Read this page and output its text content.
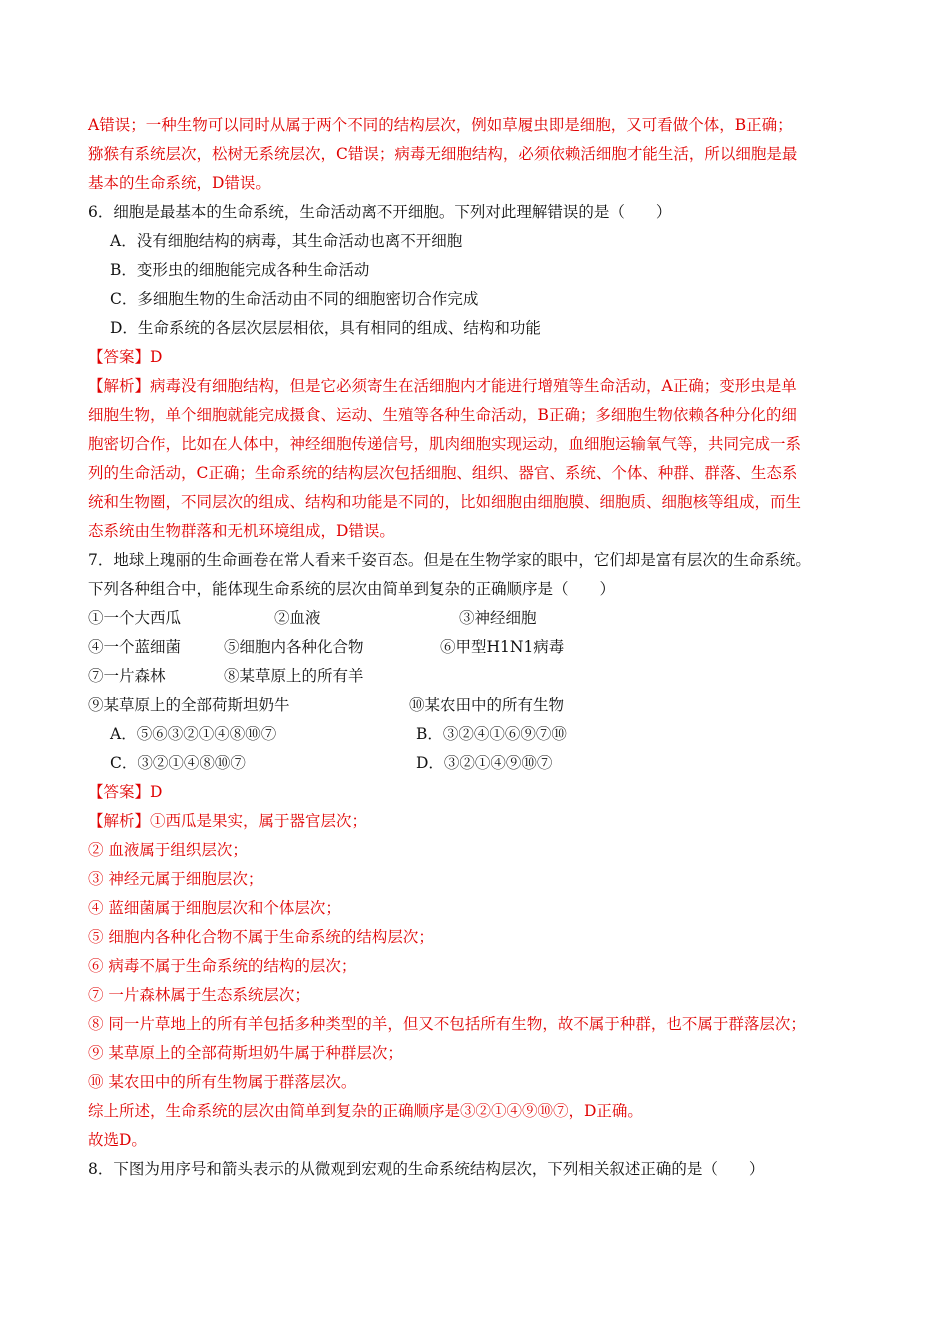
A错误；一种生物可以同时从属于两个不同的结构层次，例如草履虫即是细胞，又可看做个体，B正确；
猕猴有系统层次，松树无系统层次，C错误；病毒无细胞结构，必须依赖活细胞才能生活，所以细胞是最
基本的生命系统，D错误。
6．细胞是最基本的生命系统，生命活动离不开细胞。下列对此理解错误的是（　　）
A．没有细胞结构的病毒，其生命活动也离不开细胞
B．变形虫的细胞能完成各种生命活动
C．多细胞生物的生命活动由不同的细胞密切合作完成
D．生命系统的各层次层层相依，具有相同的组成、结构和功能
【答案】D
【解析】病毒没有细胞结构，但是它必须寄生在活细胞内才能进行增殖等生命活动，A正确；变形虫是单
细胞生物，单个细胞就能完成摄食、运动、生殖等各种生命活动，B正确；多细胞生物依赖各种分化的细
胞密切合作，比如在人体中，神经细胞传递信号，肌肉细胞实现运动，血细胞运输氧气等，共同完成一系
列的生命活动，C正确；生命系统的结构层次包括细胞、组织、器官、系统、个体、种群、群落、生态系
统和生物圈，不同层次的组成、结构和功能是不同的，比如细胞由细胞膜、细胞质、细胞核等组成，而生
态系统由生物群落和无机环境组成，D错误。
7．地球上瑰丽的生命画卷在常人看来千姿百态。但是在生物学家的眼中，它们却是富有层次的生命系统。
下列各种组合中，能体现生命系统的层次由简单到复杂的正确顺序是（　　）
①一个大西瓜	②血液	③神经细胞
④一个蓝细菌	⑤细胞内各种化合物	⑥甲型H1N1病毒
⑦一片森林	⑧某草原上的所有羊
⑨某草原上的全部荷斯坦奶牛	⑩某农田中的所有生物
A．⑤⑥③②①④⑧⑩⑦	B．③②④①⑥⑨⑦⑩
C．③②①④⑧⑩⑦	D．③②①④⑨⑩⑦
【答案】D
【解析】①西瓜是果实，属于器官层次；
② 血液属于组织层次；
③ 神经元属于细胞层次；
④ 蓝细菌属于细胞层次和个体层次；
⑤ 细胞内各种化合物不属于生命系统的结构层次；
⑥ 病毒不属于生命系统的结构的层次；
⑦ 一片森林属于生态系统层次；
⑧ 同一片草地上的所有羊包括多种类型的羊，但又不包括所有生物，故不属于种群，也不属于群落层次；
⑨ 某草原上的全部荷斯坦奶牛属于种群层次；
⑩ 某农田中的所有生物属于群落层次。
综上所述，生命系统的层次由简单到复杂的正确顺序是③②①④⑨⑩⑦，D正确。
故选D。
8．下图为用序号和箭头表示的从微观到宏观的生命系统结构层次，下列相关叙述正确的是（　　）
